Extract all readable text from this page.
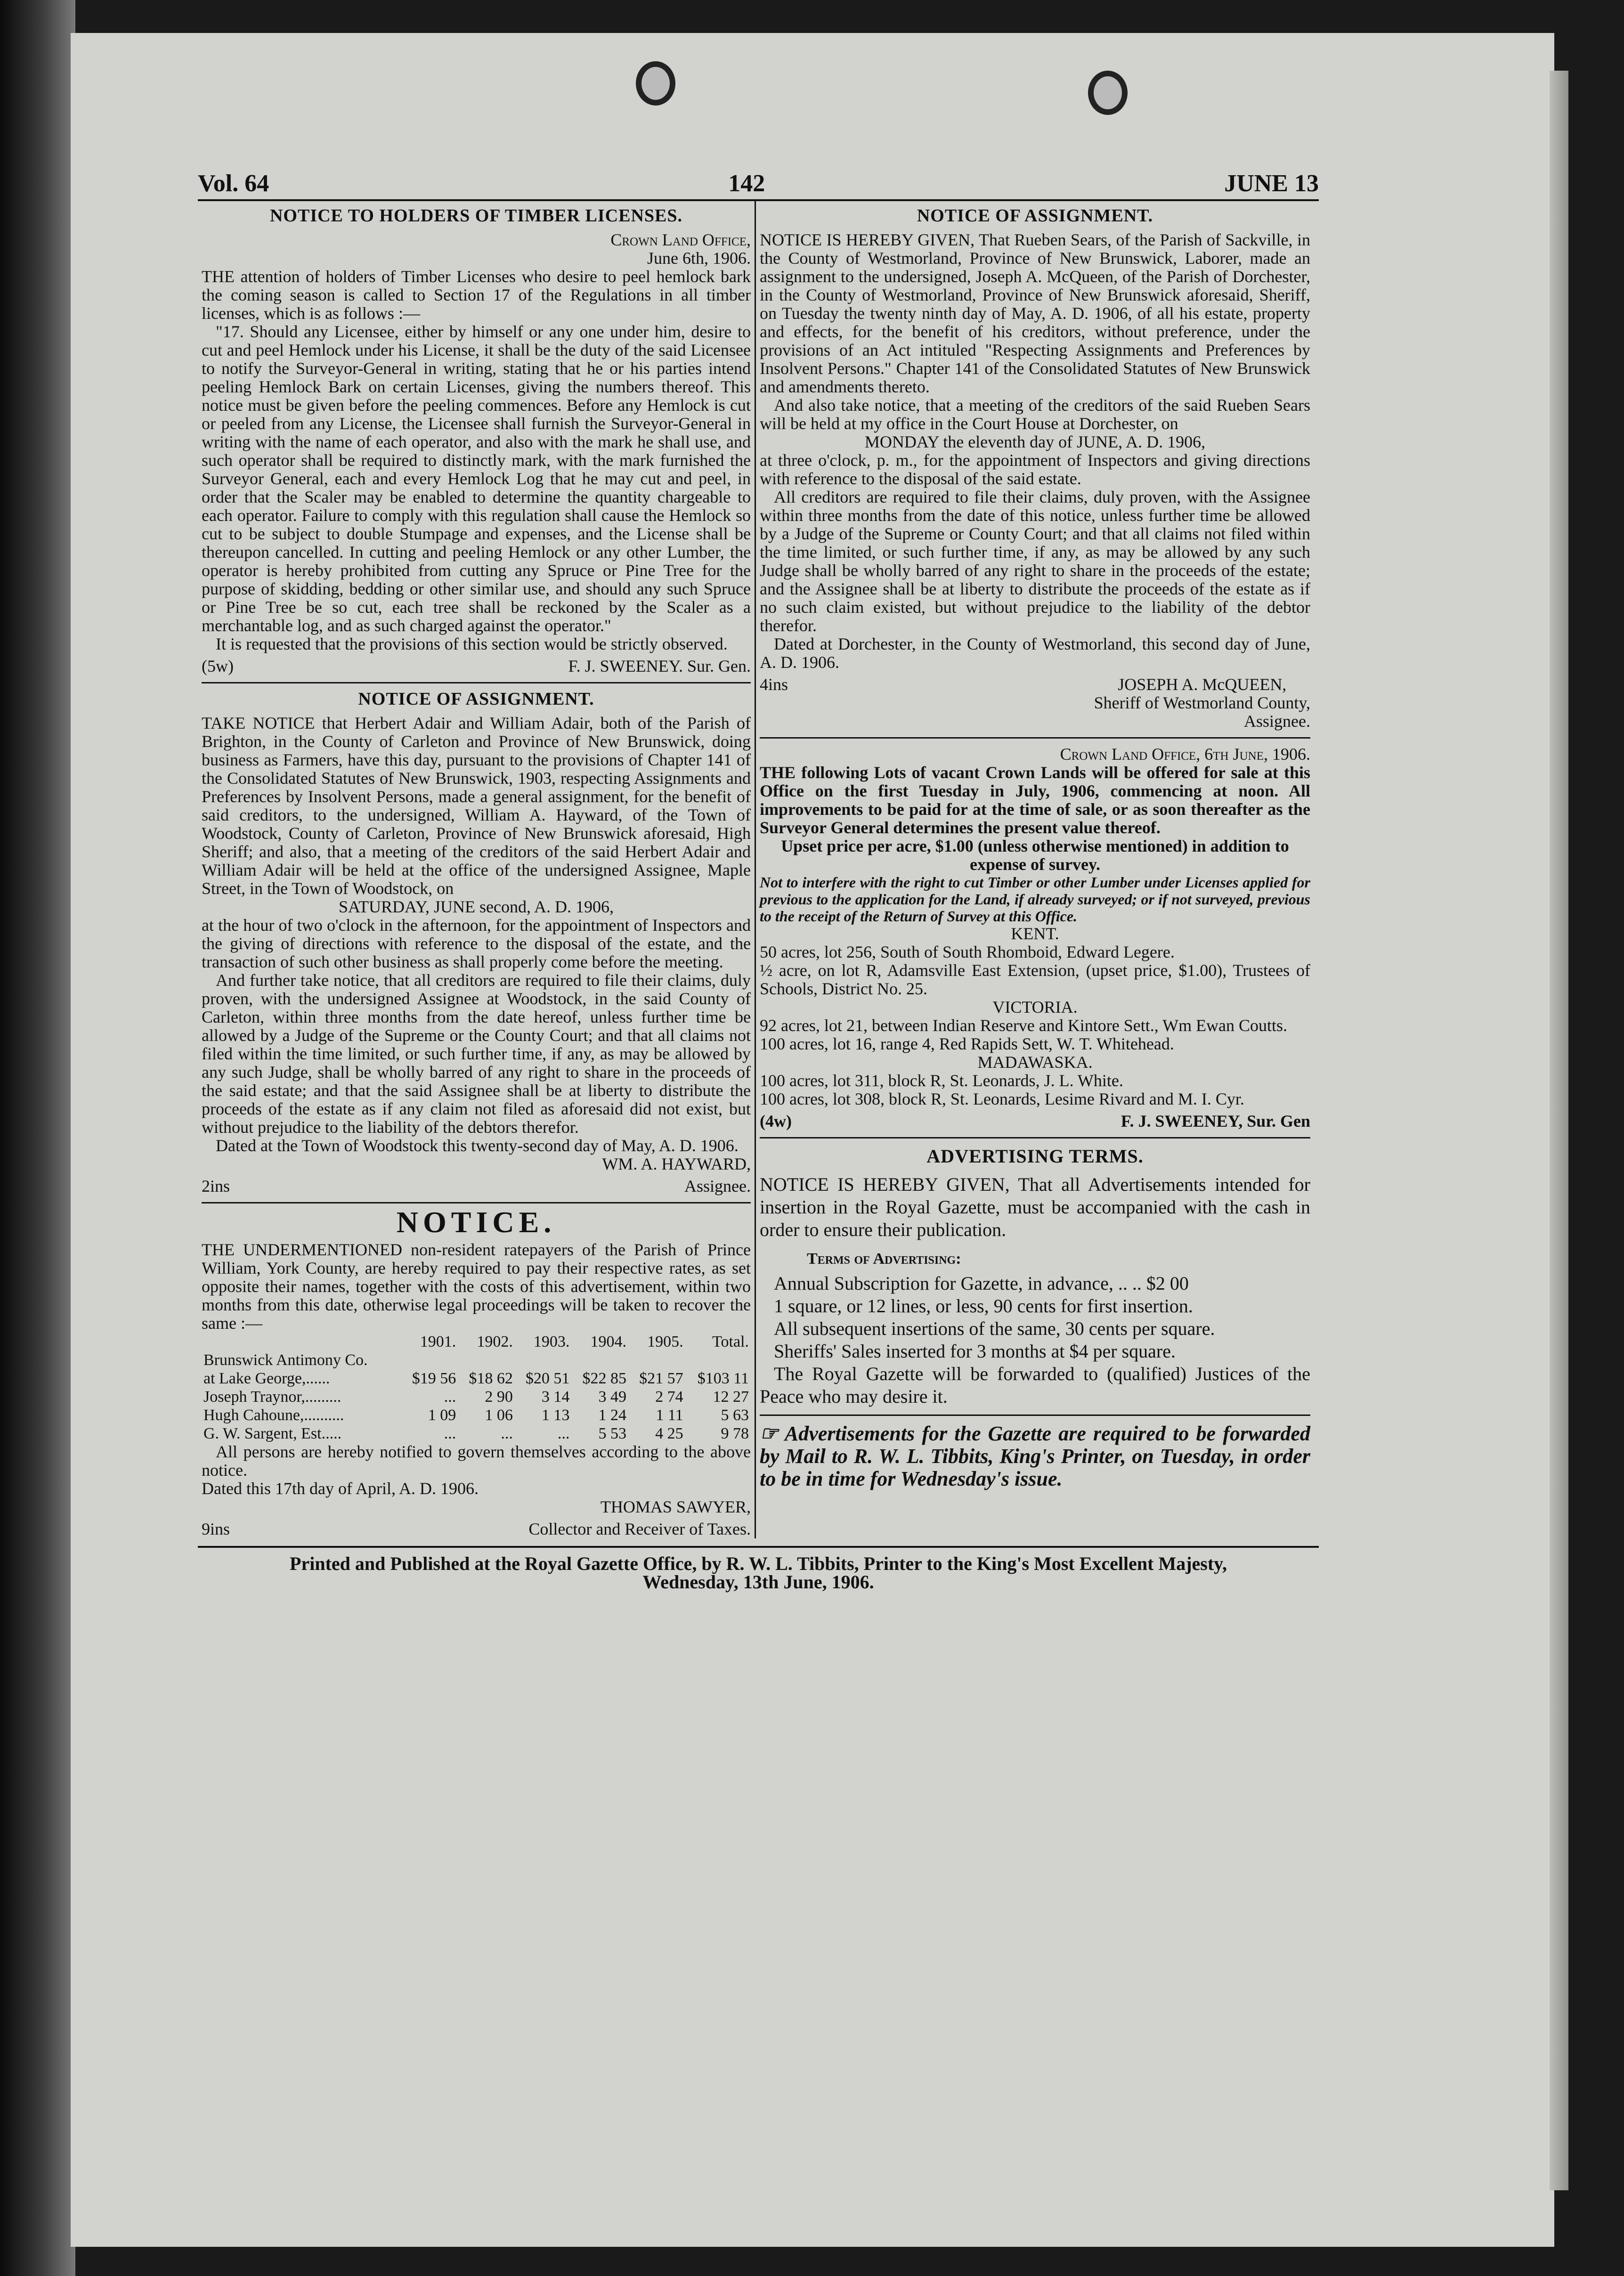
Vol. 64	142	JUNE 13
NOTICE TO HOLDERS OF TIMBER LICENSES.
Crown Land Office,
June 6th, 1906.

THE attention of holders of Timber Licenses who desire to peel hemlock bark the coming season is called to Section 17 of the Regulations in all timber licenses, which is as follows :—

"17. Should any Licensee, either by himself or any one under him, desire to cut and peel Hemlock under his License, it shall be the duty of the said Licensee to notify the Surveyor-General in writing, stating that he or his parties intend peeling Hemlock Bark on certain Licenses, giving the numbers thereof. This notice must be given before the peeling commences. Before any Hemlock is cut or peeled from any License, the Licensee shall furnish the Surveyor-General in writing with the name of each operator, and also with the mark he shall use, and such operator shall be required to distinctly mark, with the mark furnished the Surveyor General, each and every Hemlock Log that he may cut and peel, in order that the Scaler may be enabled to determine the quantity chargeable to each operator. Failure to comply with this regulation shall cause the Hemlock so cut to be subject to double Stumpage and expenses, and the License shall be thereupon cancelled. In cutting and peeling Hemlock or any other Lumber, the operator is hereby prohibited from cutting any Spruce or Pine Tree for the purpose of skidding, bedding or other similar use, and should any such Spruce or Pine Tree be so cut, each tree shall be reckoned by the Scaler as a merchantable log, and as such charged against the operator."

It is requested that the provisions of this section would be strictly observed.

(5w)	F. J. SWEENEY. Sur. Gen.
NOTICE OF ASSIGNMENT.

TAKE NOTICE that Herbert Adair and William Adair, both of the Parish of Brighton, in the County of Carleton and Province of New Brunswick, doing business as Farmers, have this day, pursuant to the provisions of Chapter 141 of the Consolidated Statutes of New Brunswick, 1903, respecting Assignments and Preferences by Insolvent Persons, made a general assignment, for the benefit of said creditors, to the undersigned, William A. Hayward, of the Town of Woodstock, County of Carleton, Province of New Brunswick aforesaid, High Sheriff; and also, that a meeting of the creditors of the said Herbert Adair and William Adair will be held at the office of the undersigned Assignee, Maple Street, in the Town of Woodstock, on

SATURDAY, JUNE second, A. D. 1906,

at the hour of two o'clock in the afternoon, for the appointment of Inspectors and the giving of directions with reference to the disposal of the estate, and the transaction of such other business as shall properly come before the meeting.

And further take notice, that all creditors are required to file their claims, duly proven, with the undersigned Assignee at Woodstock, in the said County of Carleton, within three months from the date hereof, unless further time be allowed by a Judge of the Supreme or the County Court; and that all claims not filed within the time limited, or such further time, if any, as may be allowed by any such Judge, shall be wholly barred of any right to share in the proceeds of the said estate; and that the said Assignee shall be at liberty to distribute the proceeds of the estate as if any claim not filed as aforesaid did not exist, but without prejudice to the liability of the debtors therefor.

Dated at the Town of Woodstock this twenty-second day of May, A. D. 1906.

WM. A. HAYWARD,
2ins	Assignee.
NOTICE.

THE UNDERMENTIONED non-resident ratepayers of the Parish of Prince William, York County, are hereby required to pay their respective rates, as set opposite their names, together with the costs of this advertisement, within two months from this date, otherwise legal proceedings will be taken to recover the same :—

	1901.	1902.	1903.	1904.	1905.	Total.
Brunswick Antimony Co.						
at Lake George,......	$19 56	$18 62	$20 51	$22 85	$21 57	$103 11
Joseph Traynor,.........	...	2 90	3 14	3 49	2 74	12 27
Hugh Cahoune,..........	1 09	1 06	1 13	1 24	1 11	5 63
G. W. Sargent, Est.....	...	...	...	5 53	4 25	9 78

All persons are hereby notified to govern themselves according to the above notice.

Dated this 17th day of April, A. D. 1906.

THOMAS SAWYER,
9ins	Collector and Receiver of Taxes.
NOTICE OF ASSIGNMENT.

NOTICE IS HEREBY GIVEN, That Rueben Sears, of the Parish of Sackville, in the County of Westmorland, Province of New Brunswick, Laborer, made an assignment to the undersigned, Joseph A. McQueen, of the Parish of Dorchester, in the County of Westmorland, Province of New Brunswick aforesaid, Sheriff, on Tuesday the twenty ninth day of May, A. D. 1906, of all his estate, property and effects, for the benefit of his creditors, without preference, under the provisions of an Act intituled "Respecting Assignments and Preferences by Insolvent Persons." Chapter 141 of the Consolidated Statutes of New Brunswick and amendments thereto.

And also take notice, that a meeting of the creditors of the said Rueben Sears will be held at my office in the Court House at Dorchester, on

MONDAY the eleventh day of JUNE, A. D. 1906,

at three o'clock, p. m., for the appointment of Inspectors and giving directions with reference to the disposal of the said estate.

All creditors are required to file their claims, duly proven, with the Assignee within three months from the date of this notice, unless further time be allowed by a Judge of the Supreme or County Court; and that all claims not filed within the time limited, or such further time, if any, as may be allowed by any such Judge shall be wholly barred of any right to share in the proceeds of the estate; and the Assignee shall be at liberty to distribute the proceeds of the estate as if no such claim existed, but without prejudice to the liability of the debtor therefor.

Dated at Dorchester, in the County of Westmorland, this second day of June, A. D. 1906.

4ins	JOSEPH A. McQUEEN,
Sheriff of Westmorland County,
Assignee.
Crown Land Office, 6th June, 1906.

THE following Lots of vacant Crown Lands will be offered for sale at this Office on the first Tuesday in July, 1906, commencing at noon. All improvements to be paid for at the time of sale, or as soon thereafter as the Surveyor General determines the present value thereof.

Upset price per acre, $1.00 (unless otherwise mentioned) in addition to expense of survey.

Not to interfere with the right to cut Timber or other Lumber under Licenses applied for previous to the application for the Land, if already surveyed; or if not surveyed, previous to the receipt of the Return of Survey at this Office.

KENT.

50 acres, lot 256, South of South Rhomboid, Edward Legere.

½ acre, on lot R, Adamsville East Extension, (upset price, $1.00), Trustees of Schools, District No. 25.

VICTORIA.

92 acres, lot 21, between Indian Reserve and Kintore Sett., Wm Ewan Coutts.

100 acres, lot 16, range 4, Red Rapids Sett, W. T. Whitehead.

MADAWASKA.

100 acres, lot 311, block R, St. Leonards, J. L. White.

100 acres, lot 308, block R, St. Leonards, Lesime Rivard and M. I. Cyr.

(4w)	F. J. SWEENEY, Sur. Gen
ADVERTISING TERMS.

NOTICE IS HEREBY GIVEN, That all Advertisements intended for insertion in the Royal Gazette, must be accompanied with the cash in order to ensure their publication.

Terms of Advertising:

Annual Subscription for Gazette, in advance, .. .. $2 00

1 square, or 12 lines, or less, 90 cents for first insertion.

All subsequent insertions of the same, 30 cents per square.

Sheriffs' Sales inserted for 3 months at $4 per square.

The Royal Gazette will be forwarded to (qualified) Justices of the Peace who may desire it.

☞ Advertisements for the Gazette are required to be forwarded by Mail to R. W. L. Tibbits, King's Printer, on Tuesday, in order to be in time for Wednesday's issue.

Printed and Published at the Royal Gazette Office, by R. W. L. Tibbits, Printer to the King's Most Excellent Majesty,
Wednesday, 13th June, 1906.
